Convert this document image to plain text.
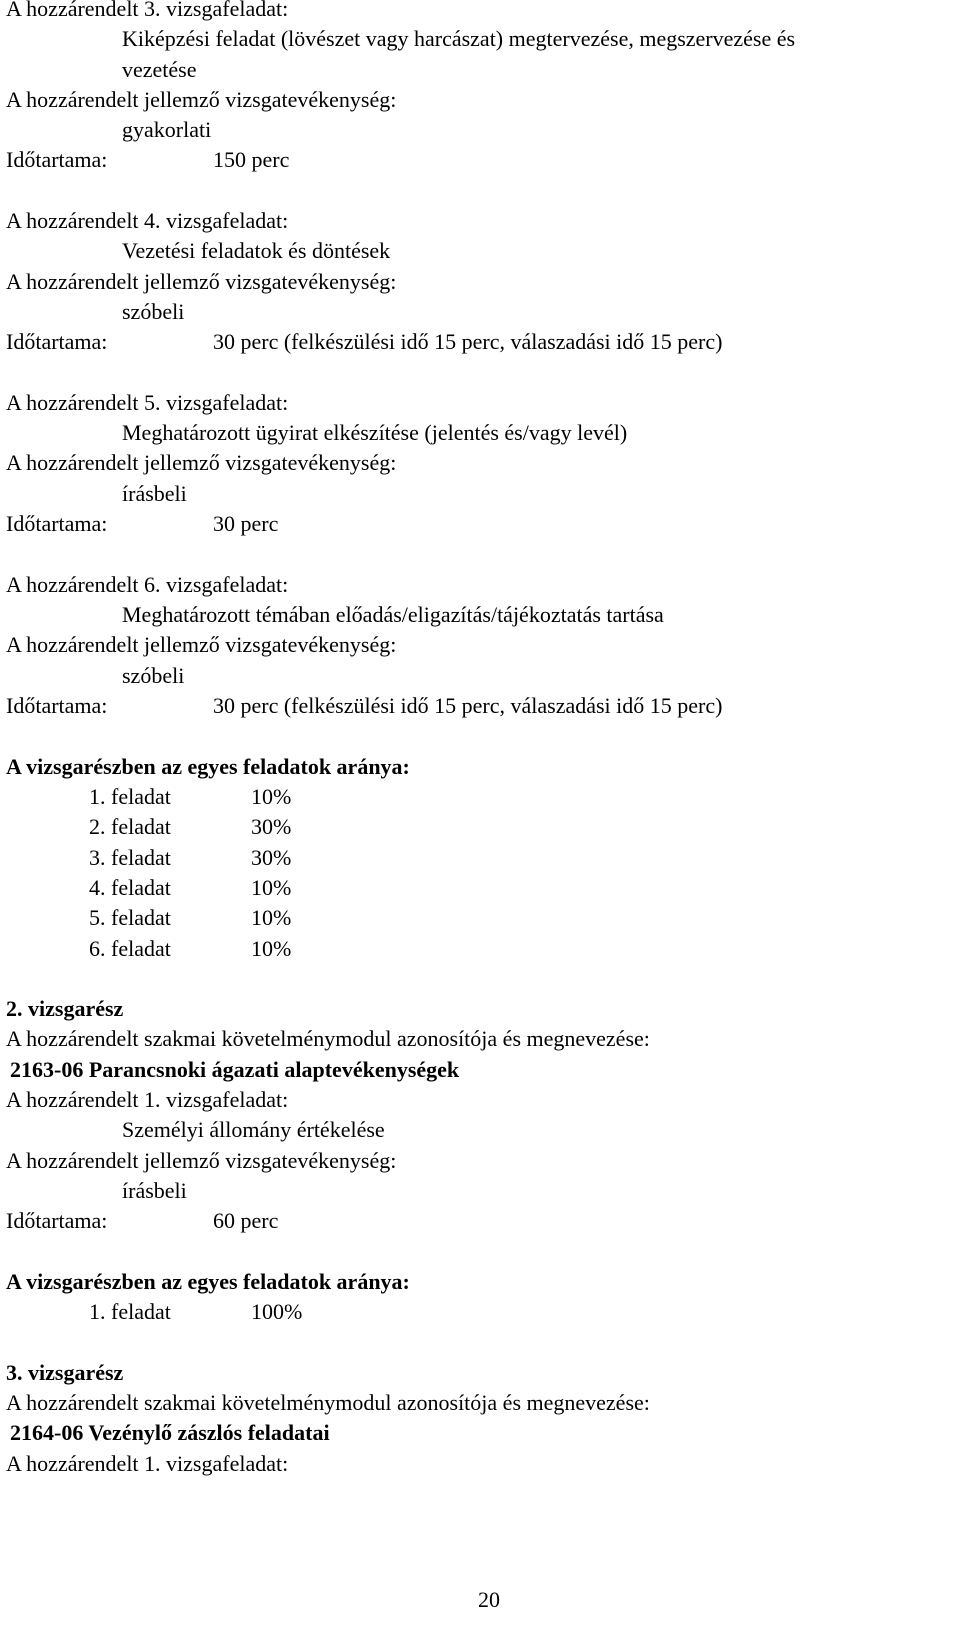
A hozzárendelt 3. vizsgafeladat:
Kiképzési feladat (lövészet vagy harcászat) megtervezése, megszervezése és
vezetése
A hozzárendelt jellemző vizsgatevékenység:
gyakorlati
Időtartama:	150 perc
A hozzárendelt 4. vizsgafeladat:
Vezetési feladatok és döntések
A hozzárendelt jellemző vizsgatevékenység:
szóbeli
Időtartama:	30 perc (felkészülési idő 15 perc, válaszadási idő 15 perc)
A hozzárendelt 5. vizsgafeladat:
Meghatározott ügyirat elkészítése (jelentés és/vagy levél)
A hozzárendelt jellemző vizsgatevékenység:
írásbeli
Időtartama:	30 perc
A hozzárendelt 6. vizsgafeladat:
Meghatározott témában előadás/eligazítás/tájékoztatás tartása
A hozzárendelt jellemző vizsgatevékenység:
szóbeli
Időtartama:	30 perc (felkészülési idő 15 perc, válaszadási idő 15 perc)
A vizsgarészben az egyes feladatok aránya:
1. feladat	10%
2. feladat	30%
3. feladat	30%
4. feladat	10%
5. feladat	10%
6. feladat	10%
2. vizsgarész
A hozzárendelt szakmai követelménymodul azonosítója és megnevezése:
2163-06 Parancsnoki ágazati alaptevékenységek
A hozzárendelt 1. vizsgafeladat:
Személyi állomány értékelése
A hozzárendelt jellemző vizsgatevékenység:
írásbeli
Időtartama:	60 perc
A vizsgarészben az egyes feladatok aránya:
1. feladat	100%
3. vizsgarész
A hozzárendelt szakmai követelménymodul azonosítója és megnevezése:
2164-06 Vezénylő zászlós feladatai
A hozzárendelt 1. vizsgafeladat:
20
